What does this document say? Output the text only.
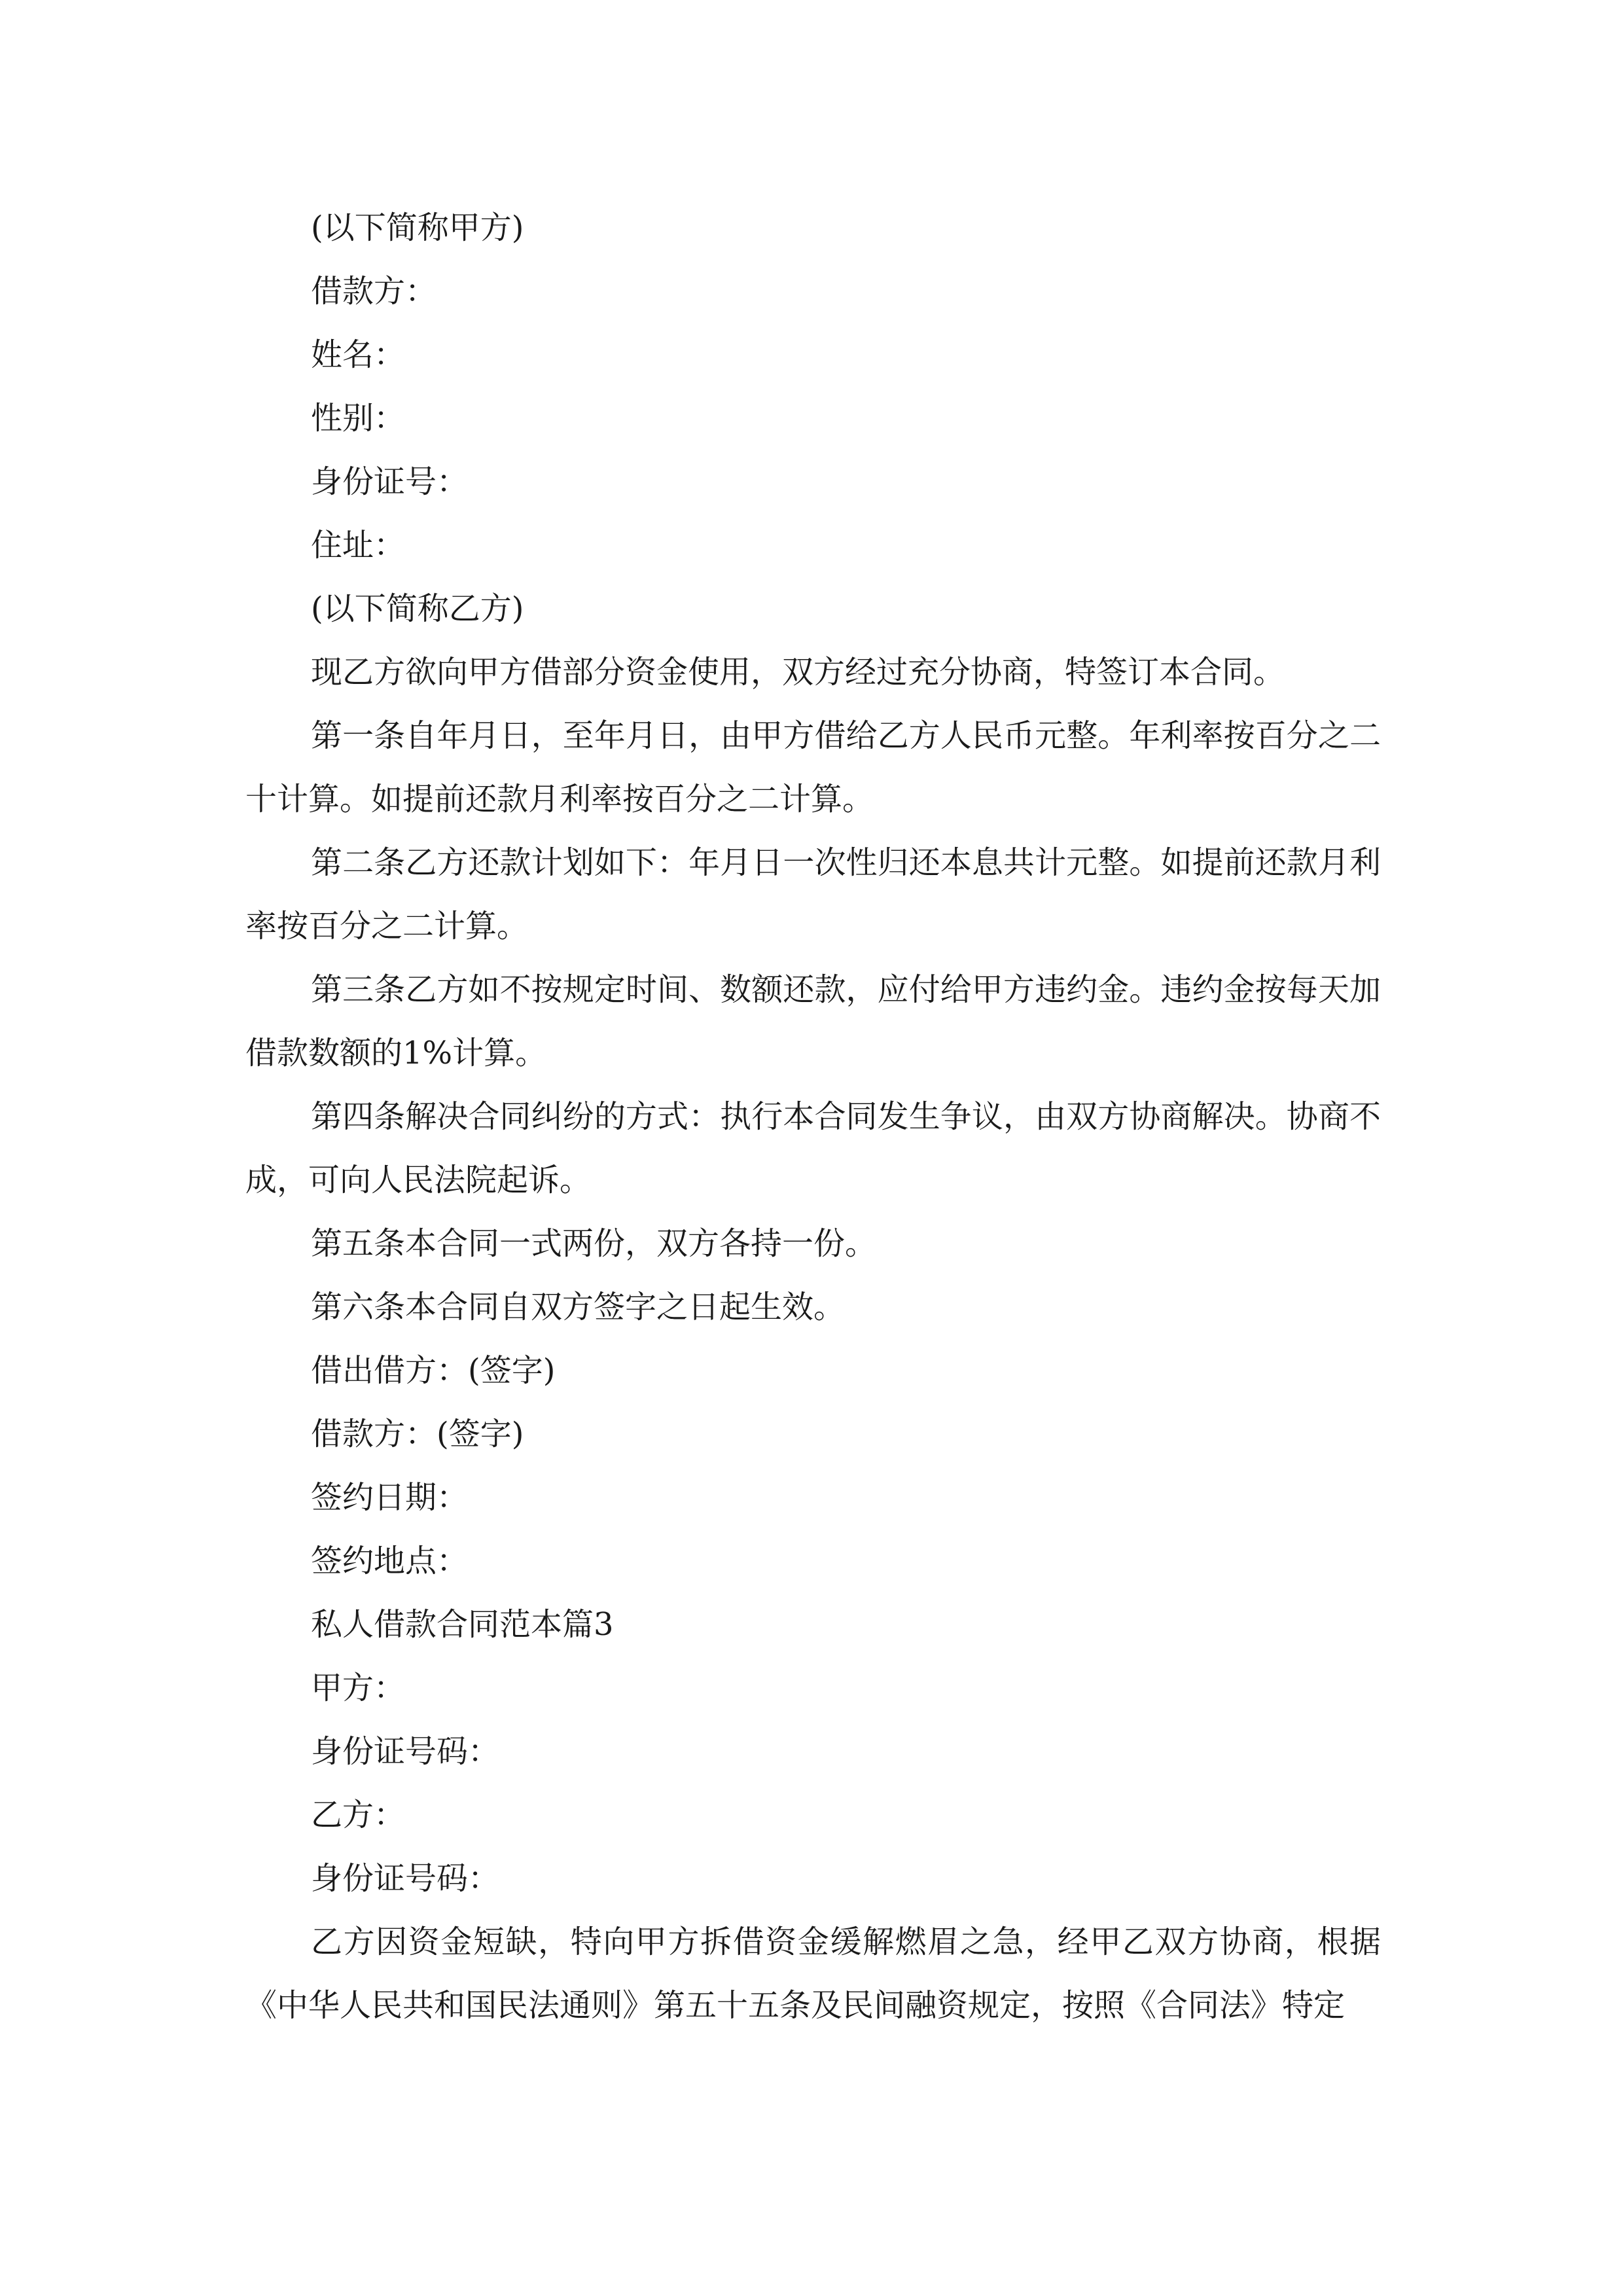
(以下简称甲方)

借款方：

姓名：

性别：

身份证号：

住址：

(以下简称乙方)

现乙方欲向甲方借部分资金使用，双方经过充分协商，特签订本合同。

第一条自年月日，至年月日，由甲方借给乙方人民币元整。年利率按百分之二十计算。如提前还款月利率按百分之二计算。

第二条乙方还款计划如下：年月日一次性归还本息共计元整。如提前还款月利率按百分之二计算。

第三条乙方如不按规定时间、数额还款，应付给甲方违约金。违约金按每天加借款数额的1%计算。

第四条解决合同纠纷的方式：执行本合同发生争议，由双方协商解决。协商不成，可向人民法院起诉。

第五条本合同一式两份，双方各持一份。

第六条本合同自双方签字之日起生效。

借出借方：(签字)

借款方：(签字)

签约日期：

签约地点：

私人借款合同范本篇3

甲方：

身份证号码：

乙方：

身份证号码：

乙方因资金短缺，特向甲方拆借资金缓解燃眉之急，经甲乙双方协商，根据《中华人民共和国民法通则》第五十五条及民间融资规定，按照《合同法》特定
